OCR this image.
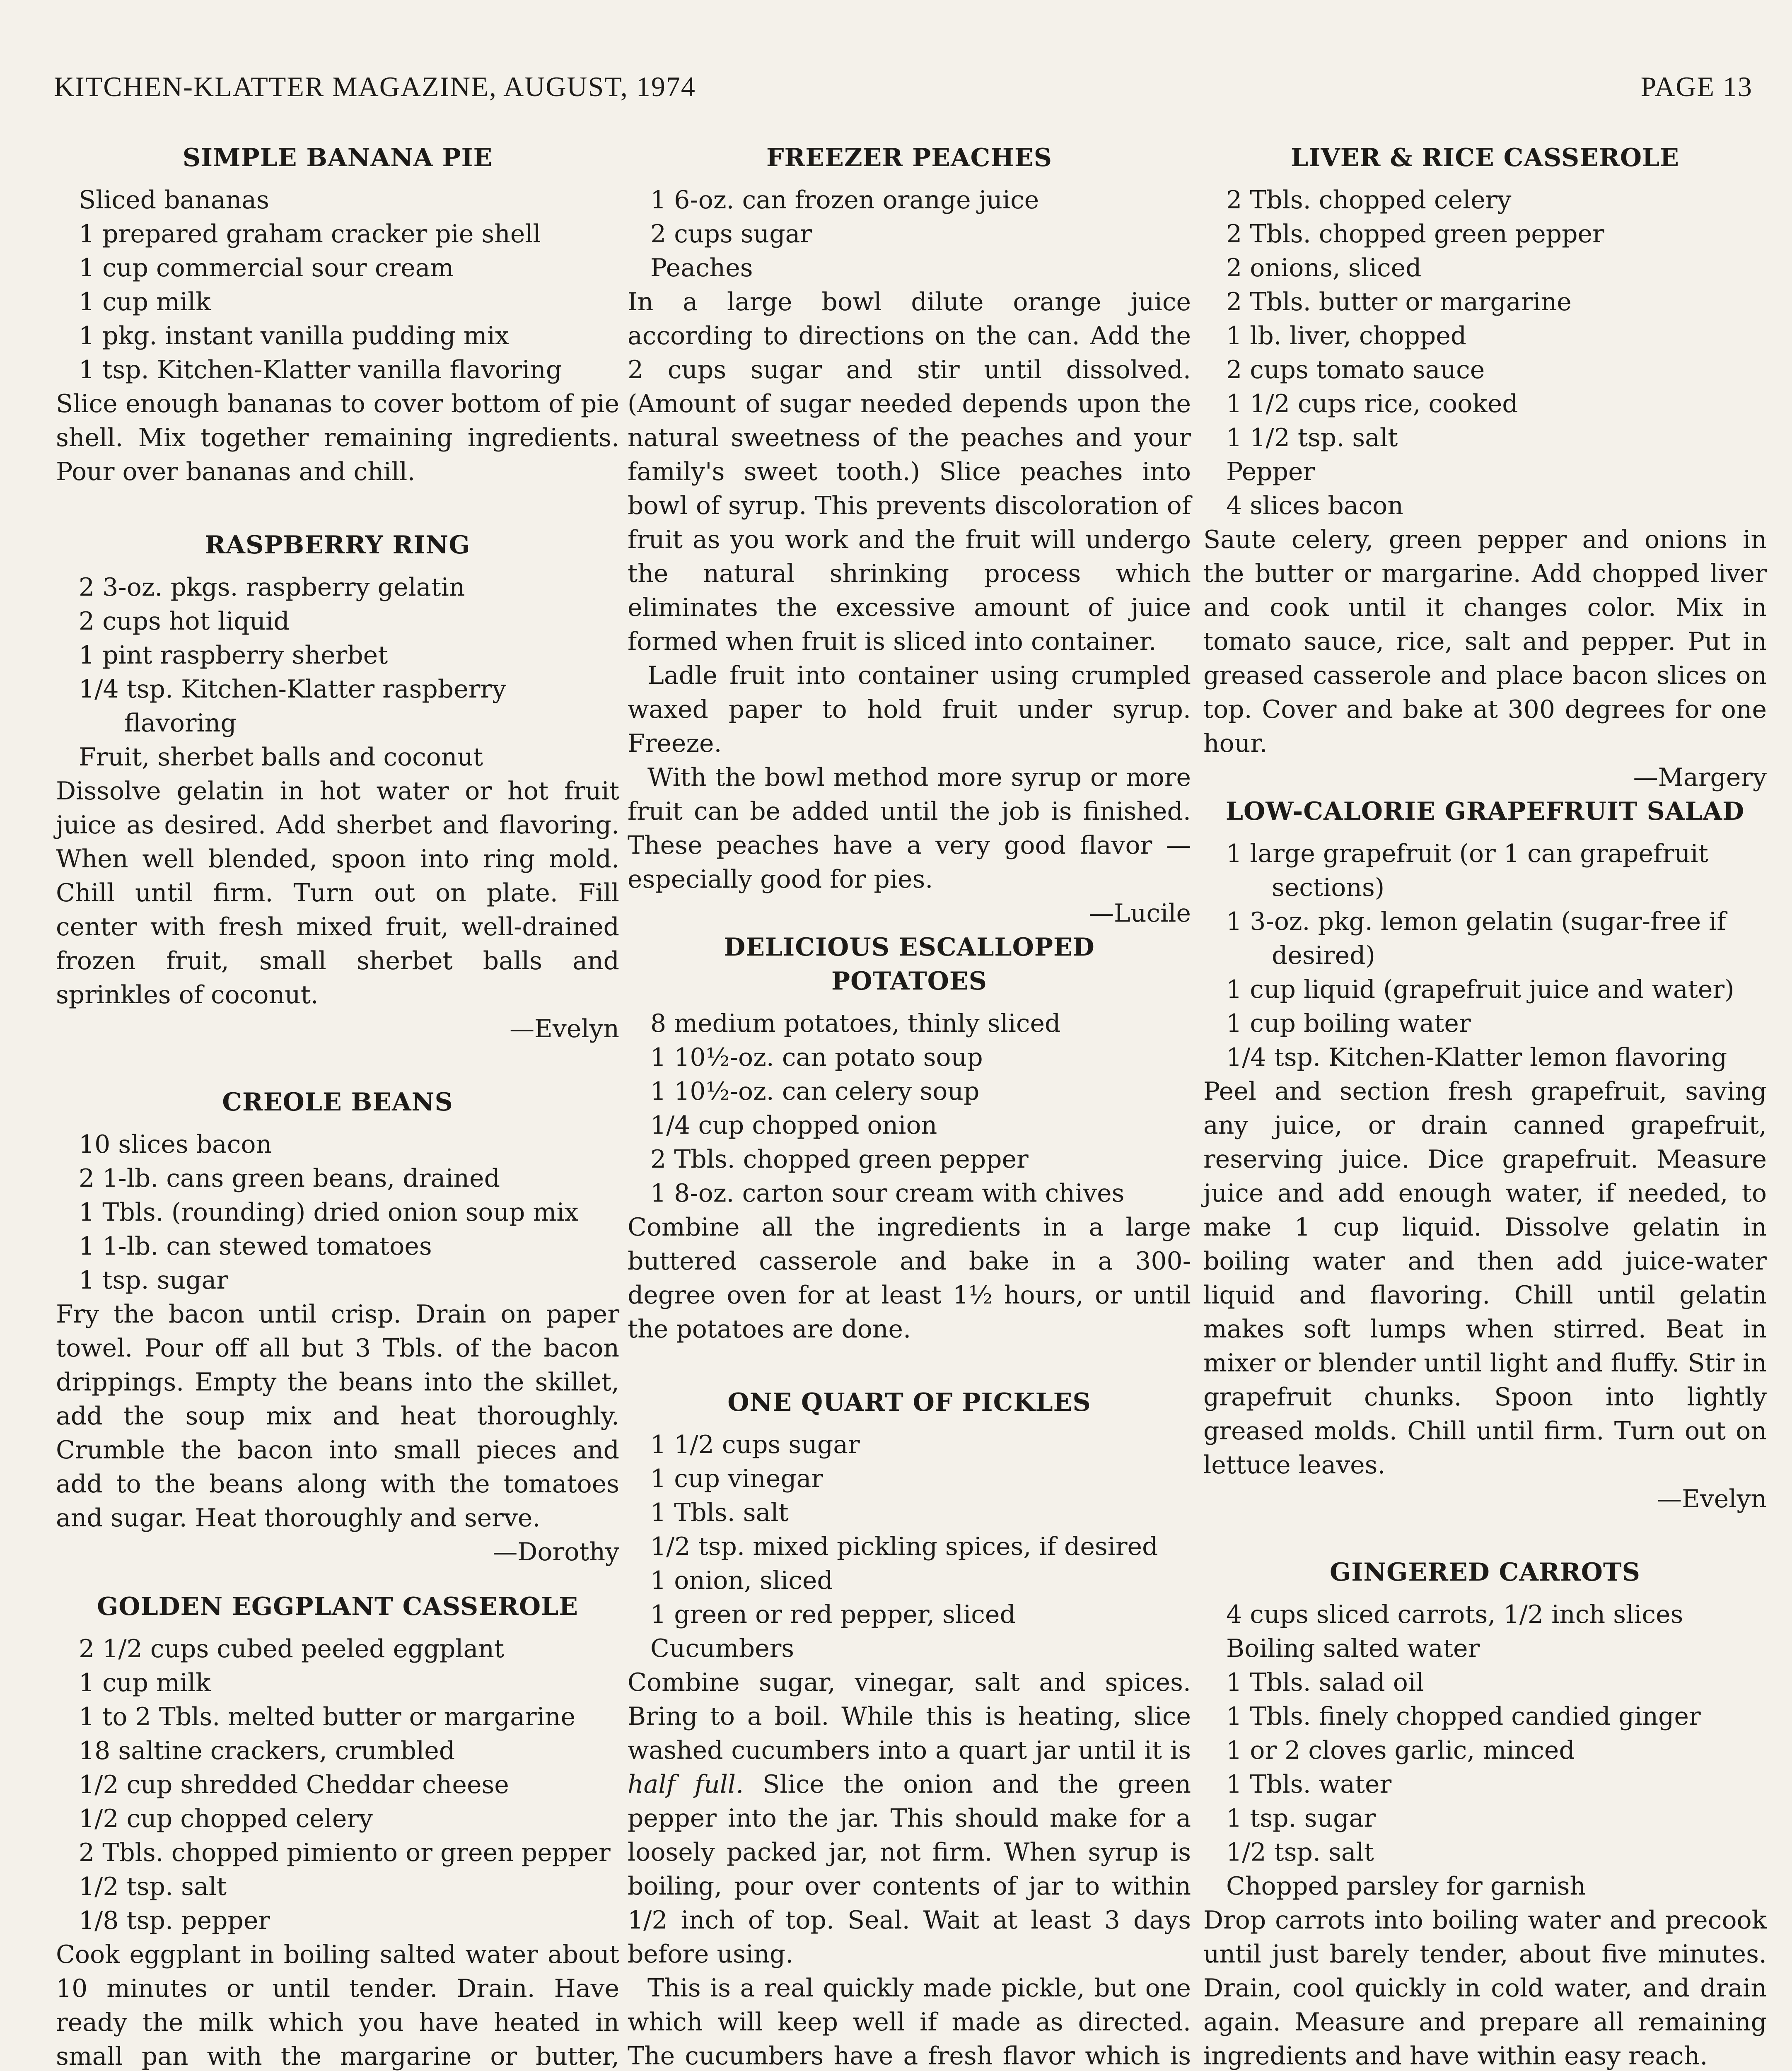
KITCHEN-KLATTER MAGAZINE, AUGUST, 1974	PAGE 13
SIMPLE BANANA PIE
Sliced bananas
1 prepared graham cracker pie shell
1 cup commercial sour cream
1 cup milk
1 pkg. instant vanilla pudding mix
1 tsp. Kitchen-Klatter vanilla flavoring

Slice enough bananas to cover bottom of pie shell. Mix together remaining ingredients. Pour over bananas and chill.

RASPBERRY RING
2 3-oz. pkgs. raspberry gelatin
2 cups hot liquid
1 pint raspberry sherbet
1/4 tsp. Kitchen-Klatter raspberry flavoring
Fruit, sherbet balls and coconut

Dissolve gelatin in hot water or hot fruit juice as desired. Add sherbet and flavoring. When well blended, spoon into ring mold. Chill until firm. Turn out on plate. Fill center with fresh mixed fruit, well-drained frozen fruit, small sherbet balls and sprinkles of coconut.

—Evelyn
CREOLE BEANS
10 slices bacon
2 1-lb. cans green beans, drained
1 Tbls. (rounding) dried onion soup mix
1 1-lb. can stewed tomatoes
1 tsp. sugar

Fry the bacon until crisp. Drain on paper towel. Pour off all but 3 Tbls. of the bacon drippings. Empty the beans into the skillet, add the soup mix and heat thoroughly. Crumble the bacon into small pieces and add to the beans along with the tomatoes and sugar. Heat thoroughly and serve.

—Dorothy
GOLDEN EGGPLANT CASSEROLE
2 1/2 cups cubed peeled eggplant
1 cup milk
1 to 2 Tbls. melted butter or margarine
18 saltine crackers, crumbled
1/2 cup shredded Cheddar cheese
1/2 cup chopped celery
2 Tbls. chopped pimiento or green pepper
1/2 tsp. salt
1/8 tsp. pepper

Cook eggplant in boiling salted water about 10 minutes or until tender. Drain. Have ready the milk which you have heated in small pan with the margarine or butter,

FREEZER PEACHES
1 6-oz. can frozen orange juice
2 cups sugar
Peaches

In a large bowl dilute orange juice according to directions on the can. Add the 2 cups sugar and stir until dissolved. (Amount of sugar needed depends upon the natural sweetness of the peaches and your family's sweet tooth.) Slice peaches into bowl of syrup. This prevents discoloration of fruit as you work and the fruit will undergo the natural shrinking process which eliminates the excessive amount of juice formed when fruit is sliced into container.

Ladle fruit into container using crumpled waxed paper to hold fruit under syrup. Freeze.

With the bowl method more syrup or more fruit can be added until the job is finished. These peaches have a very good flavor — especially good for pies.

—Lucile
DELICIOUS ESCALLOPED
POTATOES
8 medium potatoes, thinly sliced
1 10½-oz. can potato soup
1 10½-oz. can celery soup
1/4 cup chopped onion
2 Tbls. chopped green pepper
1 8-oz. carton sour cream with chives

Combine all the ingredients in a large buttered casserole and bake in a 300-degree oven for at least 1½ hours, or until the potatoes are done.

ONE QUART OF PICKLES
1 1/2 cups sugar
1 cup vinegar
1 Tbls. salt
1/2 tsp. mixed pickling spices, if desired
1 onion, sliced
1 green or red pepper, sliced
Cucumbers

Combine sugar, vinegar, salt and spices. Bring to a boil. While this is heating, slice washed cucumbers into a quart jar until it is half full. Slice the onion and the green pepper into the jar. This should make for a loosely packed jar, not firm. When syrup is boiling, pour over contents of jar to within 1/2 inch of top. Seal. Wait at least 3 days before using.

This is a real quickly made pickle, but one which will keep well if made as directed. The cucumbers have a fresh flavor which is

LIVER & RICE CASSEROLE
2 Tbls. chopped celery
2 Tbls. chopped green pepper
2 onions, sliced
2 Tbls. butter or margarine
1 lb. liver, chopped
2 cups tomato sauce
1 1/2 cups rice, cooked
1 1/2 tsp. salt
Pepper
4 slices bacon

Saute celery, green pepper and onions in the butter or margarine. Add chopped liver and cook until it changes color. Mix in tomato sauce, rice, salt and pepper. Put in greased casserole and place bacon slices on top. Cover and bake at 300 degrees for one hour.

—Margery
LOW-CALORIE GRAPEFRUIT SALAD
1 large grapefruit (or 1 can grapefruit sections)
1 3-oz. pkg. lemon gelatin (sugar-free if desired)
1 cup liquid (grapefruit juice and water)
1 cup boiling water
1/4 tsp. Kitchen-Klatter lemon flavoring

Peel and section fresh grapefruit, saving any juice, or drain canned grapefruit, reserving juice. Dice grapefruit. Measure juice and add enough water, if needed, to make 1 cup liquid. Dissolve gelatin in boiling water and then add juice-water liquid and flavoring. Chill until gelatin makes soft lumps when stirred. Beat in mixer or blender until light and fluffy. Stir in grapefruit chunks. Spoon into lightly greased molds. Chill until firm. Turn out on lettuce leaves.

—Evelyn
GINGERED CARROTS
4 cups sliced carrots, 1/2 inch slices
Boiling salted water
1 Tbls. salad oil
1 Tbls. finely chopped candied ginger
1 or 2 cloves garlic, minced
1 Tbls. water
1 tsp. sugar
1/2 tsp. salt
Chopped parsley for garnish

Drop carrots into boiling water and precook until just barely tender, about five minutes. Drain, cool quickly in cold water, and drain again. Measure and prepare all remaining ingredients and have within easy reach.
